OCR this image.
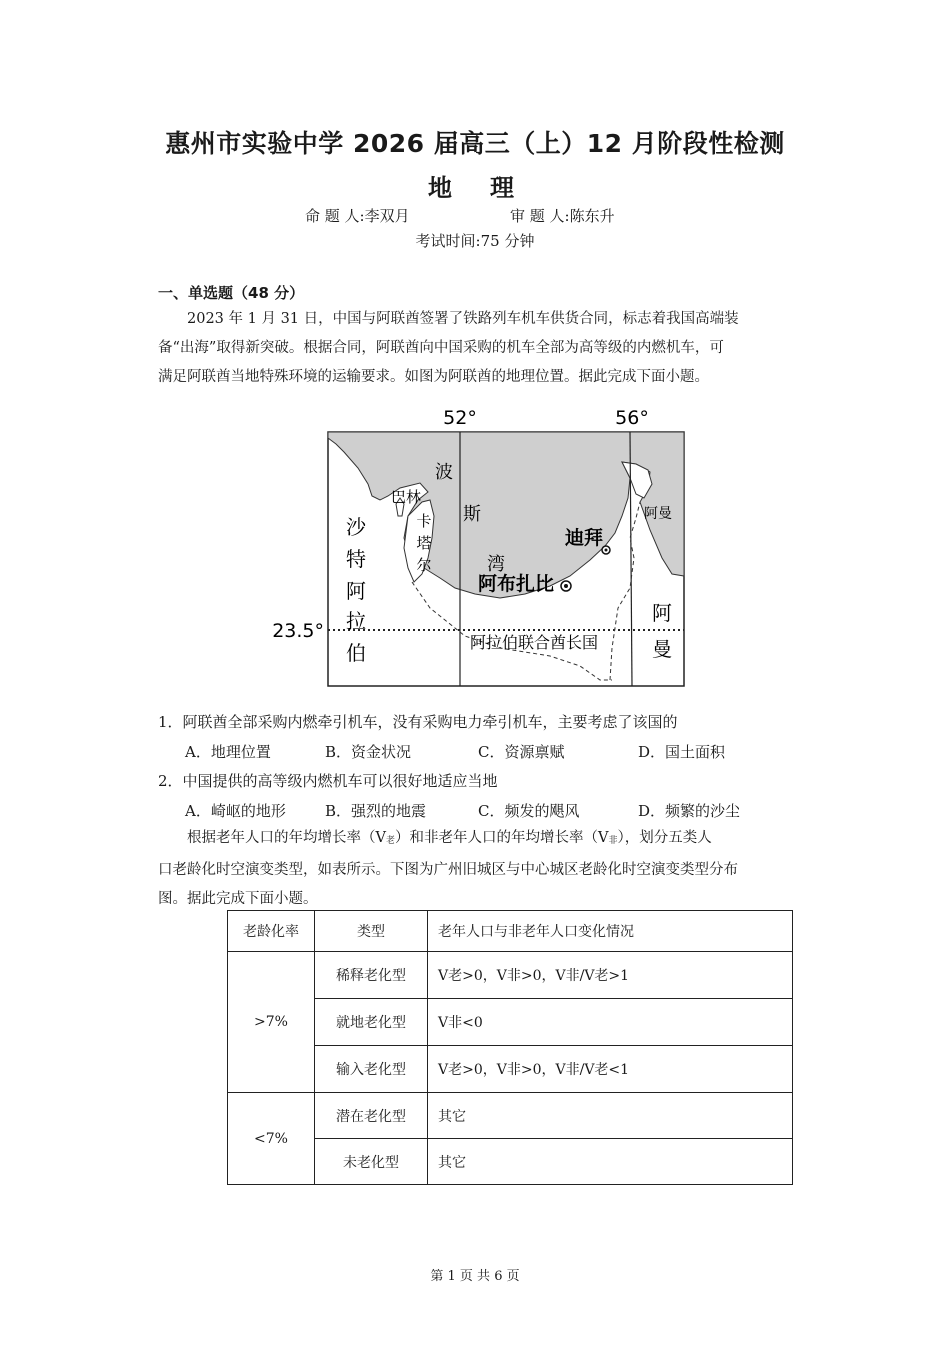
惠州市实验中学 2026 届高三（上）12 月阶段性检测
地理
命 题 人:李双月	审 题 人:陈东升
考试时间:75 分钟
一、单选题（48 分）
2023 年 1 月 31 日，中国与阿联酋签署了铁路列车机车供货合同，标志着我国高端装
备“出海”取得新突破。根据合同，阿联酋向中国采购的机车全部为高等级的内燃机车，可
满足阿联酋当地特殊环境的运输要求。如图为阿联酋的地理位置。据此完成下面小题。
52°	56°
23.5°
波
斯
湾
巴林
卡
塔
尔
沙
特
阿
拉
伯
迪拜
阿布扎比
阿曼
阿
曼
阿拉伯联合酋长国
1．阿联酋全部采购内燃牵引机车，没有采购电力牵引机车，主要考虑了该国的
A．地理位置	B．资金状况	C．资源禀赋	D．国土面积
2．中国提供的高等级内燃机车可以很好地适应当地
A．崎岖的地形	B．强烈的地震	C．频发的飓风	D．频繁的沙尘
根据老年人口的年均增长率$(V_老)$和非老年人口的年均增长率$(V_非)$，划分五类人
口老龄化时空演变类型，如表所示。下图为广州旧城区与中心城区老龄化时空演变类型分布
图。据此完成下面小题。
老龄化率	类型	老年人口与非老年人口变化情况
>7%	稀释老化型	V老>0，V非>0，V非/V老>1
	就地老化型	V非<0
	输入老化型	V老>0，V非>0，V非/V老<1
<7%	潜在老化型	其它
	未老化型	其它
第 1 页 共 6 页
